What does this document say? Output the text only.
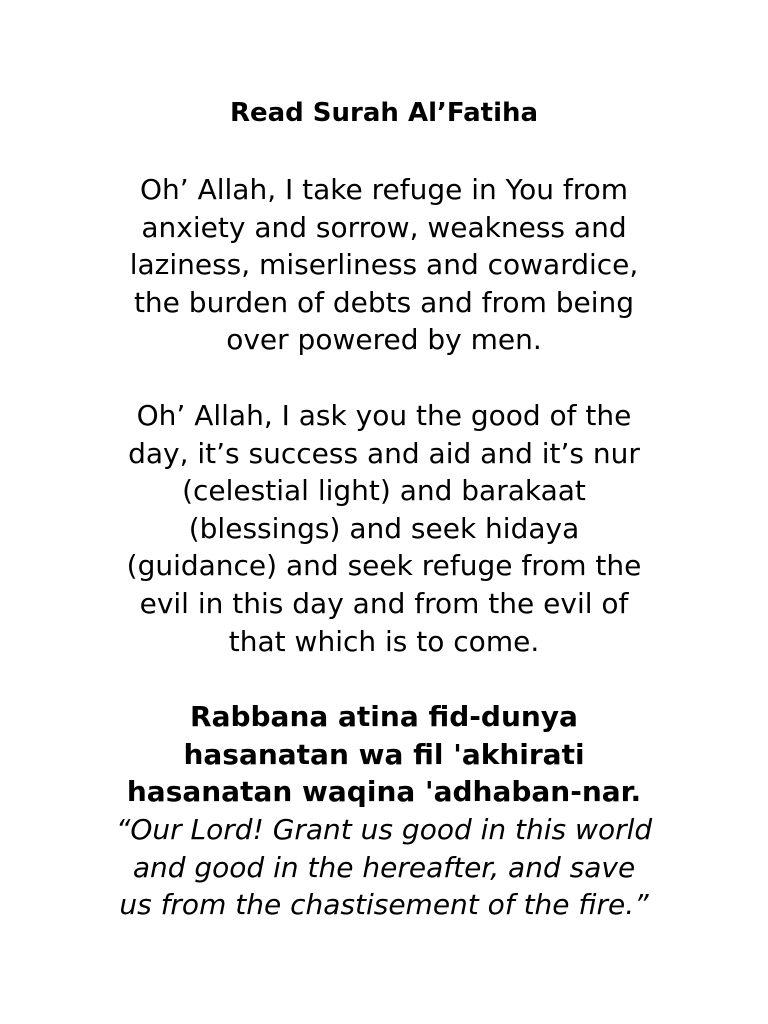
Read Surah Al’Fatiha
Oh’ Allah, I take refuge in You from
anxiety and sorrow, weakness and
laziness, miserliness and cowardice,
the burden of debts and from being
over powered by men.
Oh’ Allah, I ask you the good of the
day, it’s success and aid and it’s nur
(celestial light) and barakaat
(blessings) and seek hidaya
(guidance) and seek refuge from the
evil in this day and from the evil of
that which is to come.
Rabbana atina fid-dunya
hasanatan wa fil 'akhirati
hasanatan waqina 'adhaban-nar.
“Our Lord! Grant us good in this world
and good in the hereafter, and save
us from the chastisement of the fire.”
